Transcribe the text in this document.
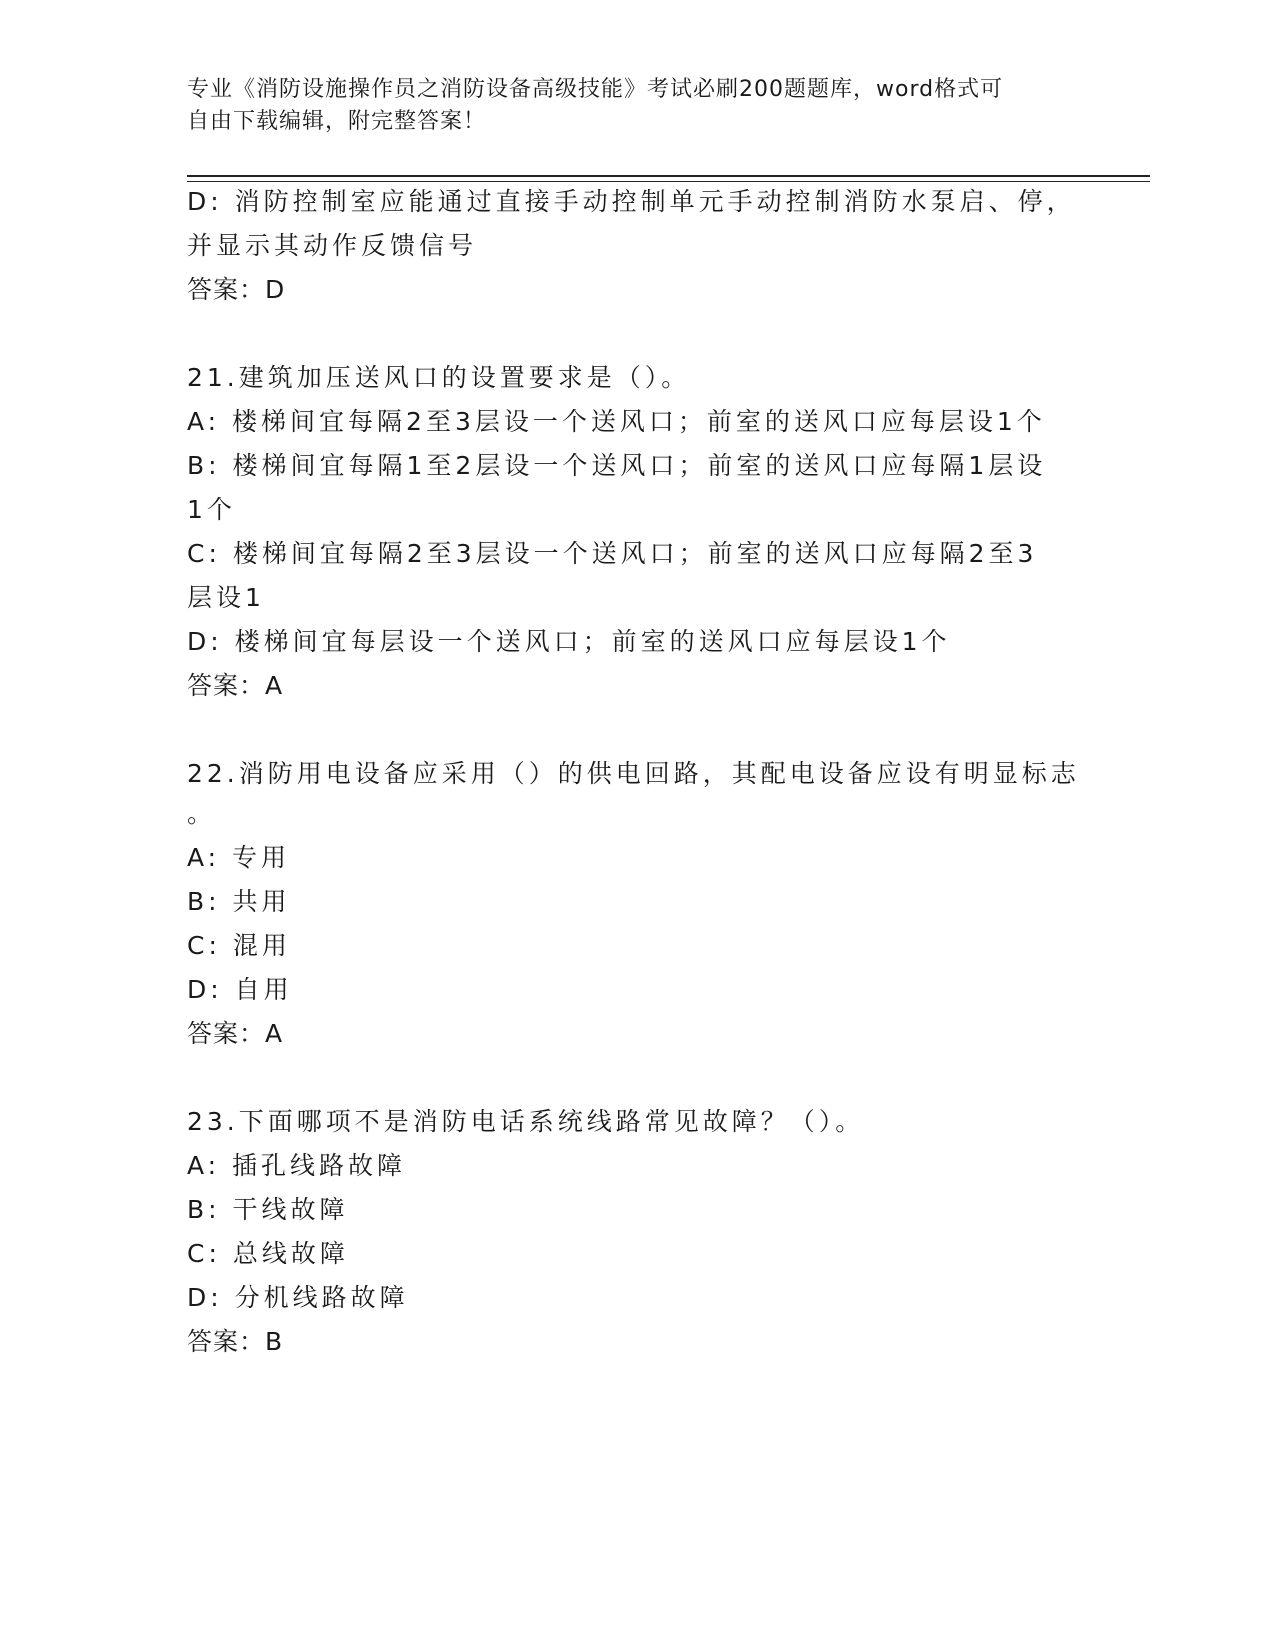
专业《消防设施操作员之消防设备高级技能》考试必刷200题题库，word格式可
自由下载编辑，附完整答案！
D: 消防控制室应能通过直接手动控制单元手动控制消防水泵启、停，
并显示其动作反馈信号
答案：D
21.建筑加压送风口的设置要求是（）。
A: 楼梯间宜每隔2至3层设一个送风口；前室的送风口应每层设1个
B: 楼梯间宜每隔1至2层设一个送风口；前室的送风口应每隔1层设
1个
C: 楼梯间宜每隔2至3层设一个送风口；前室的送风口应每隔2至3
层设1
D: 楼梯间宜每层设一个送风口；前室的送风口应每层设1个
答案：A
22.消防用电设备应采用（）的供电回路，其配电设备应设有明显标志
。
A: 专用
B: 共用
C: 混用
D: 自用
答案：A
23.下面哪项不是消防电话系统线路常见故障？（）。
A: 插孔线路故障
B: 干线故障
C: 总线故障
D: 分机线路故障
答案：B
